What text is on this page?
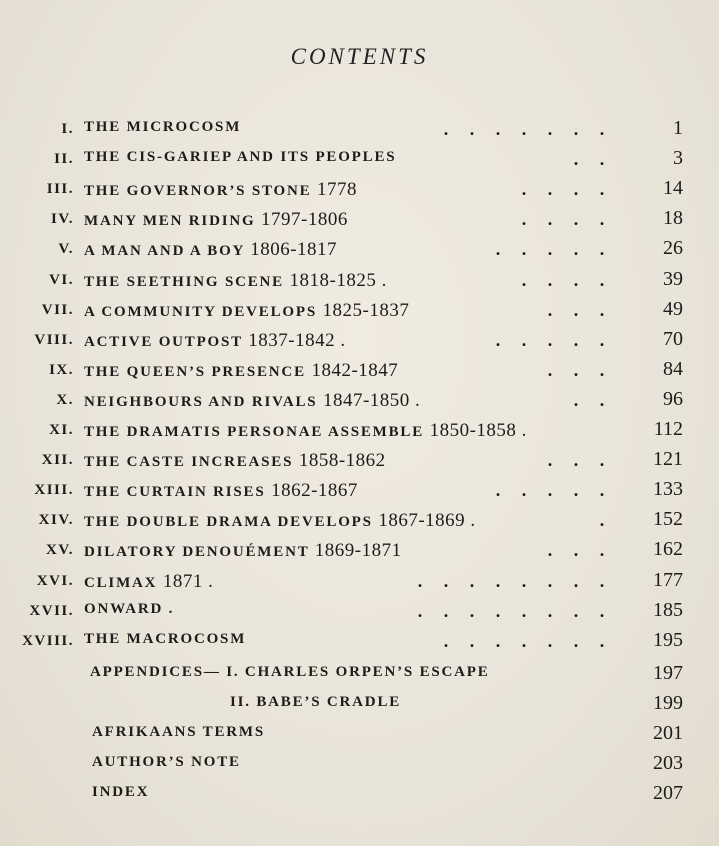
CONTENTS
I. THE MICROCOSM	. . . . . . .	1
II. THE CIS-GARIEP AND ITS PEOPLES	. .	3
III. THE GOVERNOR’S STONE 1778	. . . .	14
IV. MANY MEN RIDING 1797-1806	. . . .	18
V. A MAN AND A BOY 1806-1817	. . . . .	26
VI. THE SEETHING SCENE 1818-1825 .	. . . .	39
VII. A COMMUNITY DEVELOPS 1825-1837	. . .	49
VIII. ACTIVE OUTPOST 1837-1842 .	. . . . .	70
IX. THE QUEEN’S PRESENCE 1842-1847	. . .	84
X. NEIGHBOURS AND RIVALS 1847-1850 .	. .	96
XI. THE DRAMATIS PERSONAE ASSEMBLE 1850-1858 .	112
XII. THE CASTE INCREASES 1858-1862	. . .	121
XIII. THE CURTAIN RISES 1862-1867	. . . . .	133
XIV. THE DOUBLE DRAMA DEVELOPS 1867-1869 .	.	152
XV. DILATORY DENOUÉMENT 1869-1871	. . .	162
XVI. CLIMAX 1871 .	. . . . . . . .	177
XVII. ONWARD .	. . . . . . . .	185
XVIII. THE MACROCOSM	. . . . . . .	195
APPENDICES— I. CHARLES ORPEN’S ESCAPE	197
II. BABE’S CRADLE	199
AFRIKAANS TERMS	201
AUTHOR’S NOTE	203
INDEX	207
